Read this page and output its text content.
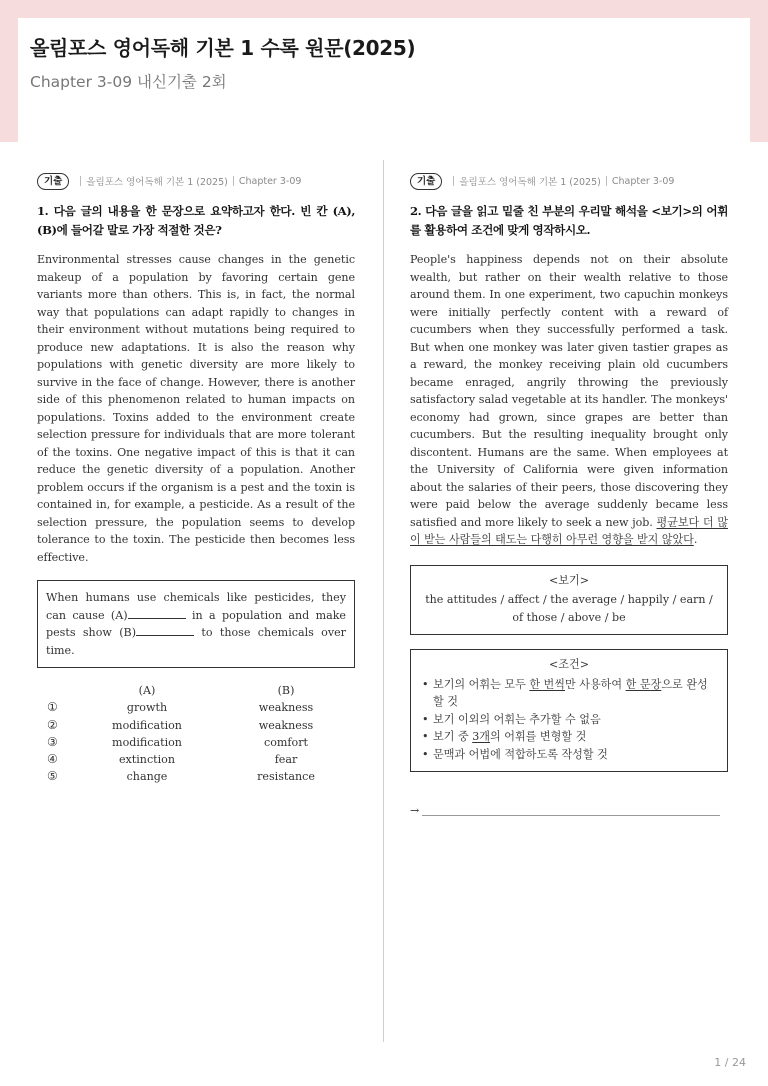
올림포스 영어독해 기본 1 수록 원문(2025)
Chapter 3-09 내신기출 2회
기출	올림포스 영어독해 기본 1 (2025) Chapter 3-09
1. 다음 글의 내용을 한 문장으로 요약하고자 한다. 빈 칸 (A), (B)에 들어갈 말로 가장 적절한 것은?
Environmental stresses cause changes in the genetic makeup of a population by favoring certain gene variants more than others. This is, in fact, the normal way that populations can adapt rapidly to changes in their environment without mutations being required to produce new adaptations. It is also the reason why populations with genetic diversity are more likely to survive in the face of change. However, there is another side of this phenomenon related to human impacts on populations. Toxins added to the environment create selection pressure for individuals that are more tolerant of the toxins. One negative impact of this is that it can reduce the genetic diversity of a population. Another problem occurs if the organism is a pest and the toxin is contained in, for example, a pesticide. As a result of the selection pressure, the population seems to develop tolerance to the toxin. The pesticide then becomes less effective.
When humans use chemicals like pesticides, they can cause (A)	in a population and make pests show (B)	to those chemicals over time.
	(A)	(B)
①	growth	weakness
②	modification	weakness
③	modification	comfort
④	extinction	fear
⑤	change	resistance
기출	올림포스 영어독해 기본 1 (2025) Chapter 3-09
2. 다음 글을 읽고 밑줄 친 부분의 우리말 해석을 <보기>의 어휘를 활용하여 조건에 맞게 영작하시오.
People's happiness depends not on their absolute wealth, but rather on their wealth relative to those around them. In one experiment, two capuchin monkeys were initially perfectly content with a reward of cucumbers when they successfully performed a task. But when one monkey was later given tastier grapes as a reward, the monkey receiving plain old cucumbers became enraged, angrily throwing the previously satisfactory salad vegetable at its handler. The monkeys' economy had grown, since grapes are better than cucumbers. But the resulting inequality brought only discontent. Humans are the same. When employees at the University of California were given information about the salaries of their peers, those discovering they were paid below the average suddenly became less satisfied and more likely to seek a new job. 평균보다 더 많이 받는 사람들의 태도는 다행히 아무런 영향을 받지 않았다.
<보기>
the attitudes / affect / the average / happily / earn / of those / above / be
<조건>
• 보기의 어휘는 모두 한 번씩만 사용하여 한 문장으로 완성할 것
• 보기 이외의 어휘는 추가할 수 없음
• 보기 중 3개의 어휘를 변형할 것
• 문맥과 어법에 적합하도록 작성할 것
→
1 / 24
